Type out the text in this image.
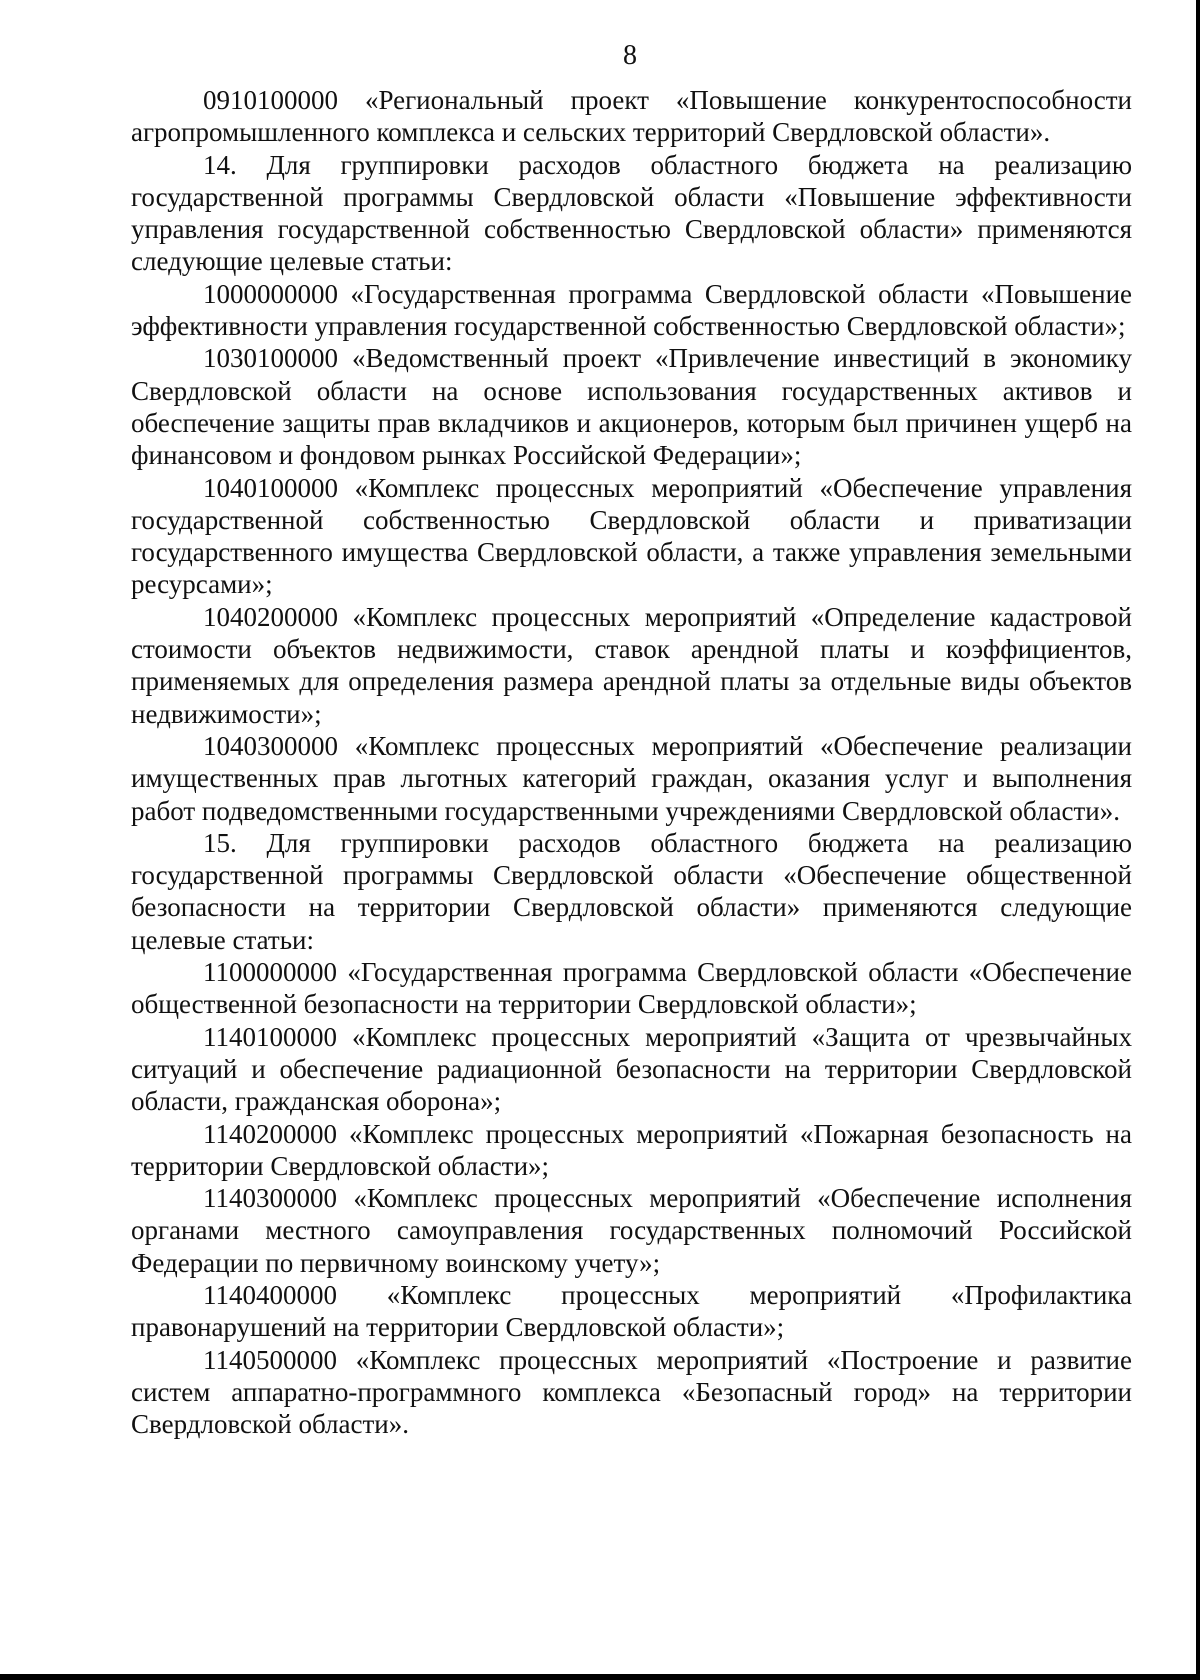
8

0910100000 «Региональный проект «Повышение конкурентоспособности агропромышленного комплекса и сельских территорий Свердловской области».

14. Для группировки расходов областного бюджета на реализацию государственной программы Свердловской области «Повышение эффективности управления государственной собственностью Свердловской области» применяются следующие целевые статьи:

1000000000 «Государственная программа Свердловской области «Повышение эффективности управления государственной собственностью Свердловской области»;

1030100000 «Ведомственный проект «Привлечение инвестиций в экономику Свердловской области на основе использования государственных активов и обеспечение защиты прав вкладчиков и акционеров, которым был причинен ущерб на финансовом и фондовом рынках Российской Федерации»;

1040100000 «Комплекс процессных мероприятий «Обеспечение управления государственной собственностью Свердловской области и приватизации государственного имущества Свердловской области, а также управления земельными ресурсами»;

1040200000 «Комплекс процессных мероприятий «Определение кадастровой стоимости объектов недвижимости, ставок арендной платы и коэффициентов, применяемых для определения размера арендной платы за отдельные виды объектов недвижимости»;

1040300000 «Комплекс процессных мероприятий «Обеспечение реализации имущественных прав льготных категорий граждан, оказания услуг и выполнения работ подведомственными государственными учреждениями Свердловской области».

15. Для группировки расходов областного бюджета на реализацию государственной программы Свердловской области «Обеспечение общественной безопасности на территории Свердловской области» применяются следующие целевые статьи:

1100000000 «Государственная программа Свердловской области «Обеспечение общественной безопасности на территории Свердловской области»;

1140100000 «Комплекс процессных мероприятий «Защита от чрезвычайных ситуаций и обеспечение радиационной безопасности на территории Свердловской области, гражданская оборона»;

1140200000 «Комплекс процессных мероприятий «Пожарная безопасность на территории Свердловской области»;

1140300000 «Комплекс процессных мероприятий «Обеспечение исполнения органами местного самоуправления государственных полномочий Российской Федерации по первичному воинскому учету»;

1140400000 «Комплекс процессных мероприятий «Профилактика правонарушений на территории Свердловской области»;

1140500000 «Комплекс процессных мероприятий «Построение и развитие систем аппаратно-программного комплекса «Безопасный город» на территории Свердловской области».
